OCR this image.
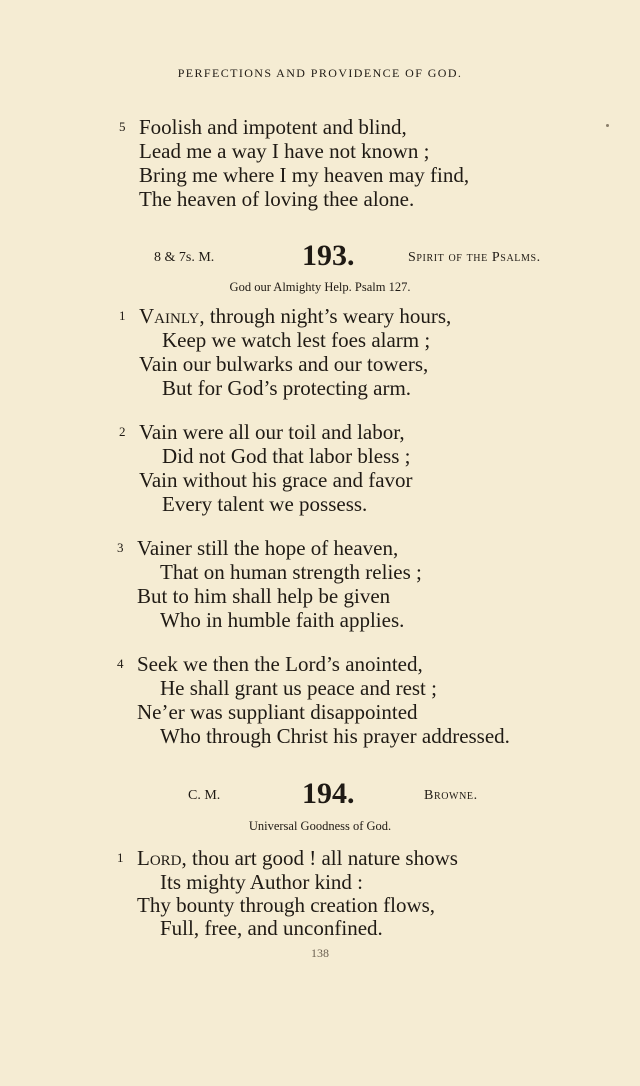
PERFECTIONS AND PROVIDENCE OF GOD.
5 Foolish and impotent and blind,
Lead me a way I have not known ;
Bring me where I my heaven may find,
The heaven of loving thee alone.
8 & 7s. M.	193.	Spirit of the Psalms.
God our Almighty Help. Psalm 127.
1 Vainly, through night’s weary hours,
Keep we watch lest foes alarm ;
Vain our bulwarks and our towers,
But for God’s protecting arm.
2 Vain were all our toil and labor,
Did not God that labor bless ;
Vain without his grace and favor
Every talent we possess.
3 Vainer still the hope of heaven,
That on human strength relies ;
But to him shall help be given
Who in humble faith applies.
4 Seek we then the Lord’s anointed,
He shall grant us peace and rest ;
Ne’er was suppliant disappointed
Who through Christ his prayer addressed.
C. M.	194.	Browne.
Universal Goodness of God.
1 Lord, thou art good ! all nature shows
Its mighty Author kind :
Thy bounty through creation flows,
Full, free, and unconfined.
138
